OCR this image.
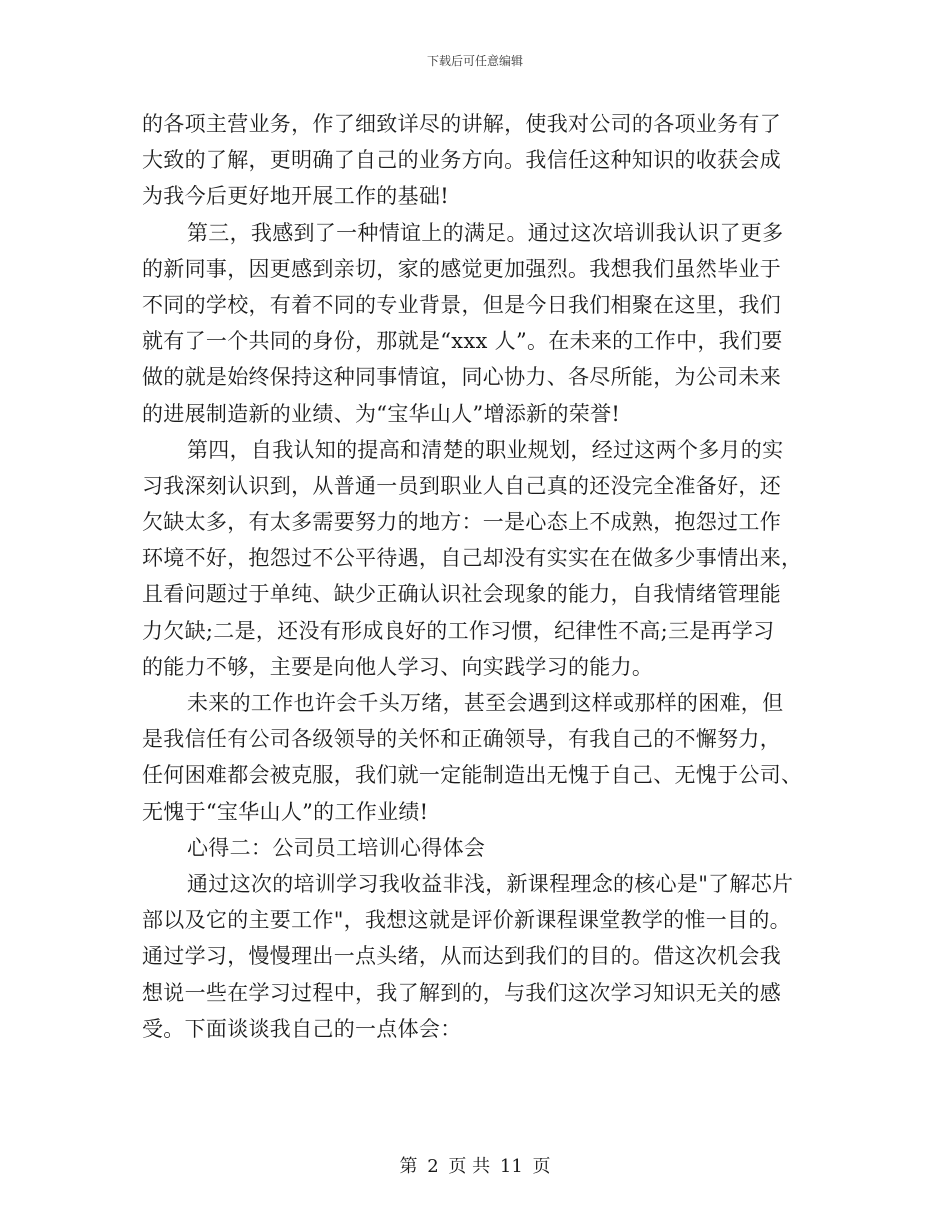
下载后可任意编辑
的各项主营业务，作了细致详尽的讲解，使我对公司的各项业务有了
大致的了解，更明确了自己的业务方向。我信任这种知识的收获会成
为我今后更好地开展工作的基础!
第三，我感到了一种情谊上的满足。通过这次培训我认识了更多
的新同事，因更感到亲切，家的感觉更加强烈。我想我们虽然毕业于
不同的学校，有着不同的专业背景，但是今日我们相聚在这里，我们
就有了一个共同的身份，那就是“xxx 人”。在未来的工作中，我们要
做的就是始终保持这种同事情谊，同心协力、各尽所能，为公司未来
的进展制造新的业绩、为“宝华山人”增添新的荣誉!
第四，自我认知的提高和清楚的职业规划，经过这两个多月的实
习我深刻认识到，从普通一员到职业人自己真的还没完全准备好，还
欠缺太多，有太多需要努力的地方：一是心态上不成熟，抱怨过工作
环境不好，抱怨过不公平待遇，自己却没有实实在在做多少事情出来，
且看问题过于单纯、缺少正确认识社会现象的能力，自我情绪管理能
力欠缺;二是，还没有形成良好的工作习惯，纪律性不高;三是再学习
的能力不够，主要是向他人学习、向实践学习的能力。
未来的工作也许会千头万绪，甚至会遇到这样或那样的困难，但
是我信任有公司各级领导的关怀和正确领导，有我自己的不懈努力，
任何困难都会被克服，我们就一定能制造出无愧于自己、无愧于公司、
无愧于“宝华山人”的工作业绩!
心得二：公司员工培训心得体会
通过这次的培训学习我收益非浅，新课程理念的核心是"了解芯片
部以及它的主要工作"，我想这就是评价新课程课堂教学的惟一目的。
通过学习，慢慢理出一点头绪，从而达到我们的目的。借这次机会我
想说一些在学习过程中，我了解到的，与我们这次学习知识无关的感
受。下面谈谈我自己的一点体会：
第 2 页 共 11 页
